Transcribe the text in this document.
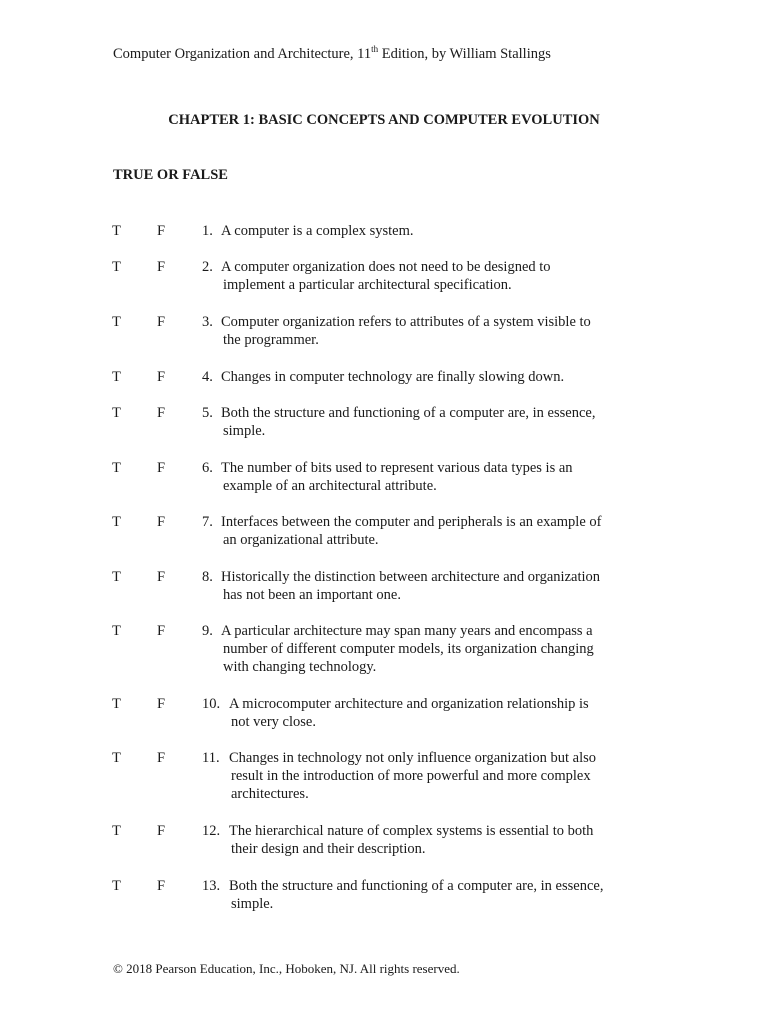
Computer Organization and Architecture, 11th Edition, by William Stallings
CHAPTER 1: BASIC CONCEPTS AND COMPUTER EVOLUTION
TRUE OR FALSE
T F	1. A computer is a complex system.
T F	2. A computer organization does not need to be designed to
implement a particular architectural specification.
T F	3. Computer organization refers to attributes of a system visible to
the programmer.
T F	4. Changes in computer technology are finally slowing down.
T F	5. Both the structure and functioning of a computer are, in essence,
simple.
T F	6. The number of bits used to represent various data types is an
example of an architectural attribute.
T F	7. Interfaces between the computer and peripherals is an example of
an organizational attribute.
T F	8. Historically the distinction between architecture and organization
has not been an important one.
T F	9. A particular architecture may span many years and encompass a
number of different computer models, its organization changing
with changing technology.
T F	10. A microcomputer architecture and organization relationship is
not very close.
T F	11. Changes in technology not only influence organization but also
result in the introduction of more powerful and more complex
architectures.
T F	12. The hierarchical nature of complex systems is essential to both
their design and their description.
T F	13. Both the structure and functioning of a computer are, in essence,
simple.
© 2018 Pearson Education, Inc., Hoboken, NJ. All rights reserved.
